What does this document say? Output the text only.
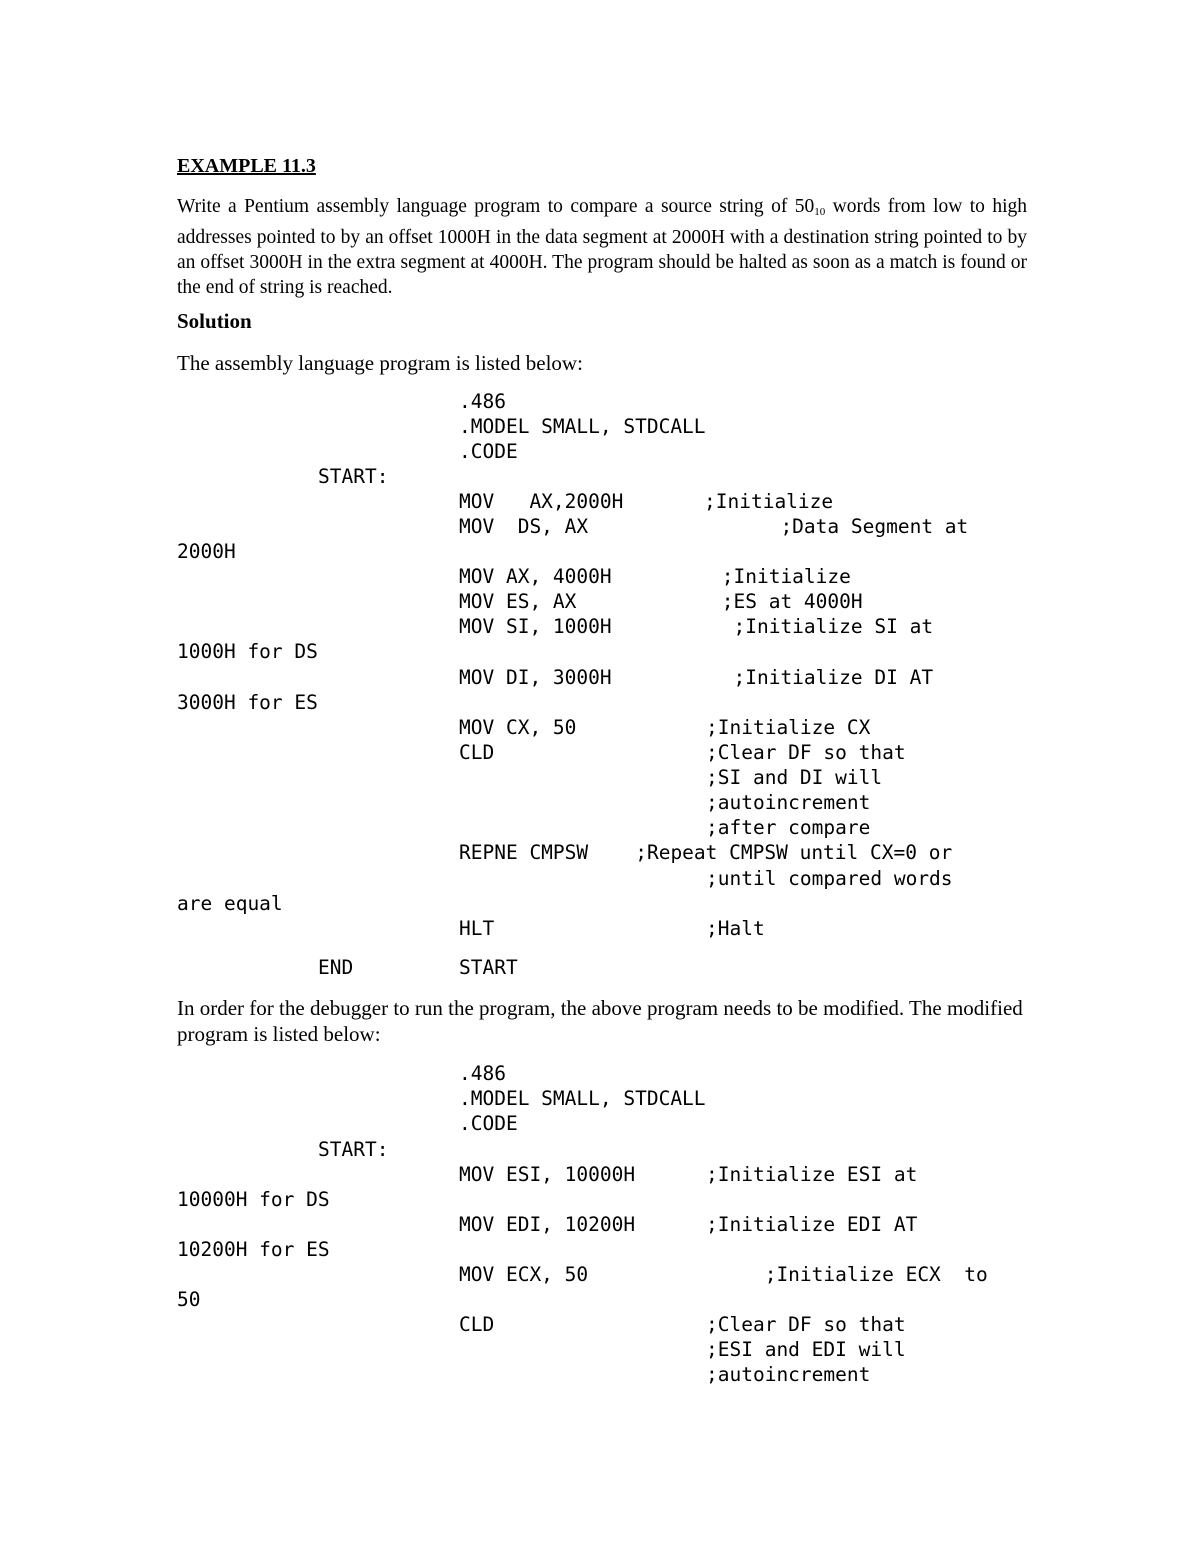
EXAMPLE 11.3
Write a Pentium assembly language program to compare a source string of $50_{10}$ words from low to high addresses pointed to by an offset 1000H in the data segment at 2000H with a destination string pointed to by an offset 3000H in the extra segment at 4000H. The program should be halted as soon as a match is found or the end of string is reached.
Solution
The assembly language program is listed below:
.486
.MODEL SMALL, STDCALL
.CODE
START:
MOV   AX,2000H	;Initialize
MOV  DS, AX	;Data Segment at
2000H
MOV AX, 4000H	;Initialize
MOV ES, AX	;ES at 4000H
MOV SI, 1000H	;Initialize SI at
1000H for DS
MOV DI, 3000H	;Initialize DI AT
3000H for ES
MOV CX, 50	;Initialize CX
CLD	;Clear DF so that
;SI and DI will
;autoincrement
;after compare
REPNE CMPSW ;Repeat CMPSW until CX=0 or
;until compared words
are equal
HLT	;Halt
END	START
In order for the debugger to run the program, the above program needs to be modified. The modified program is listed below:
.486
.MODEL SMALL, STDCALL
.CODE
START:
MOV ESI, 10000H	;Initialize ESI at
10000H for DS
MOV EDI, 10200H	;Initialize EDI AT
10200H for ES
MOV ECX, 50	;Initialize ECX  to
50
CLD	;Clear DF so that
;ESI and EDI will
;autoincrement
